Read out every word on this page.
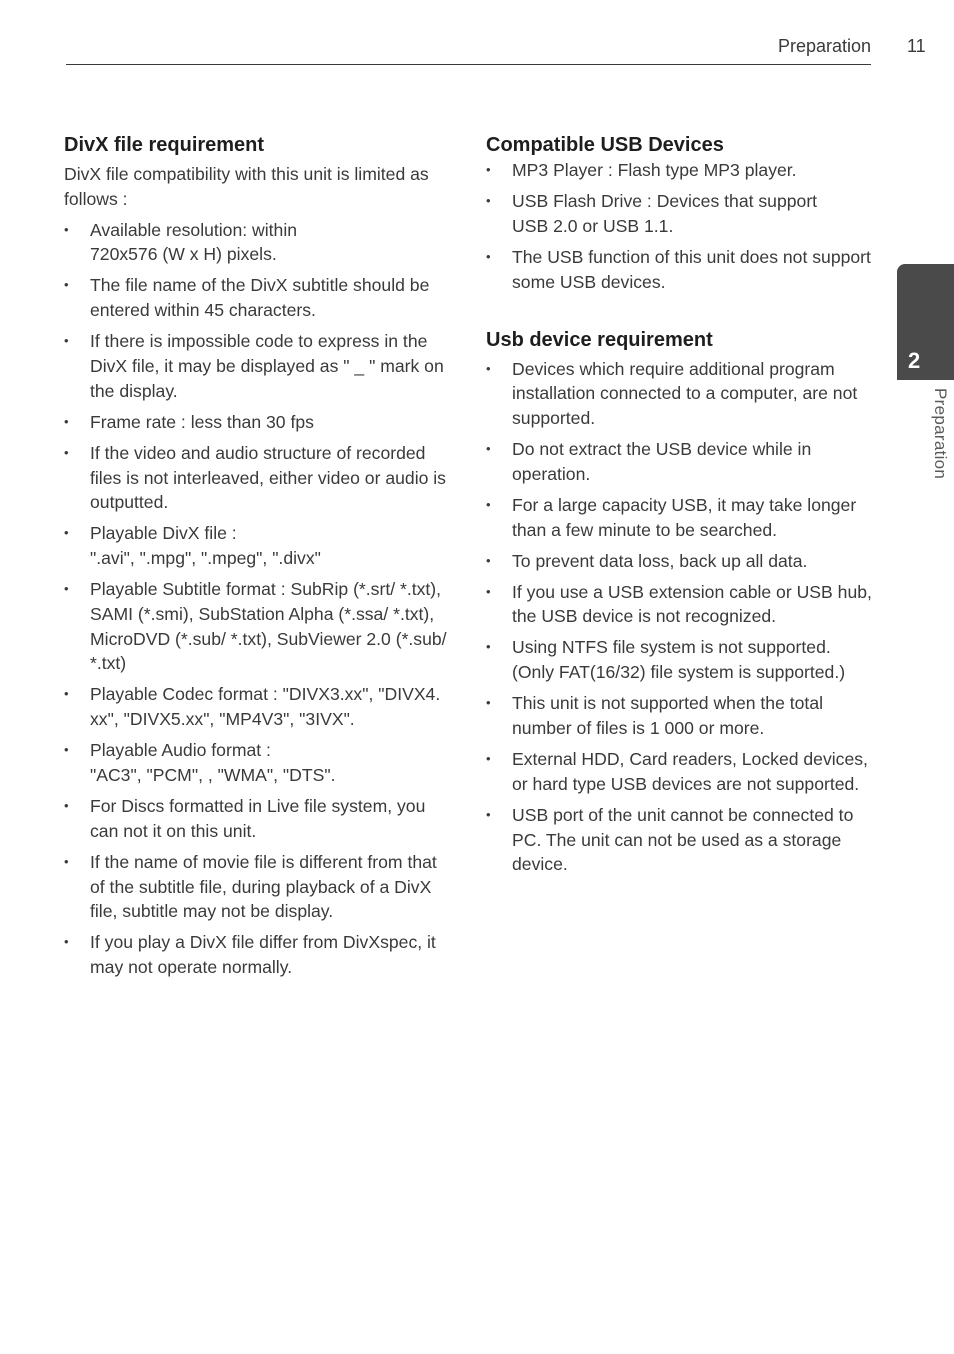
Preparation 11
DivX file requirement

DivX file compatibility with this unit is limited as follows :

• Available resolution: within
720x576 (W x H) pixels.
• The file name of the DivX subtitle should be entered within 45 characters.
• If there is impossible code to express in the DivX file, it may be displayed as " _ " mark on the display.
• Frame rate : less than 30 fps
• If the video and audio structure of recorded files is not interleaved, either video or audio is outputted.
• Playable DivX file :
".avi", ".mpg", ".mpeg", ".divx"
• Playable Subtitle format : SubRip (*.srt/ *.txt), SAMI (*.smi), SubStation Alpha (*.ssa/ *.txt), MicroDVD (*.sub/ *.txt), SubViewer 2.0 (*.sub/ *.txt)
• Playable Codec format : "DIVX3.xx", "DIVX4. xx", "DIVX5.xx", "MP4V3", "3IVX".
• Playable Audio format :
"AC3", "PCM", , "WMA", "DTS".
• For Discs formatted in Live file system, you can not it on this unit.
• If the name of movie file is different from that of the subtitle file, during playback of a DivX file, subtitle may not be display.
• If you play a DivX file differ from DivXspec, it may not operate normally.
Compatible USB Devices
• MP3 Player : Flash type MP3 player.
• USB Flash Drive : Devices that support
USB 2.0 or USB 1.1.
• The USB function of this unit does not support some USB devices.
Usb device requirement
• Devices which require additional program installation connected to a computer, are not supported.
• Do not extract the USB device while in operation.
• For a large capacity USB, it may take longer than a few minute to be searched.
• To prevent data loss, back up all data.
• If you use a USB extension cable or USB hub, the USB device is not recognized.
• Using NTFS file system is not supported. (Only FAT(16/32) file system is supported.)
• This unit is not supported when the total number of files is 1 000 or more.
• External HDD, Card readers, Locked devices, or hard type USB devices are not supported.
• USB port of the unit cannot be connected to PC. The unit can not be used as a storage device.
2
Preparation
